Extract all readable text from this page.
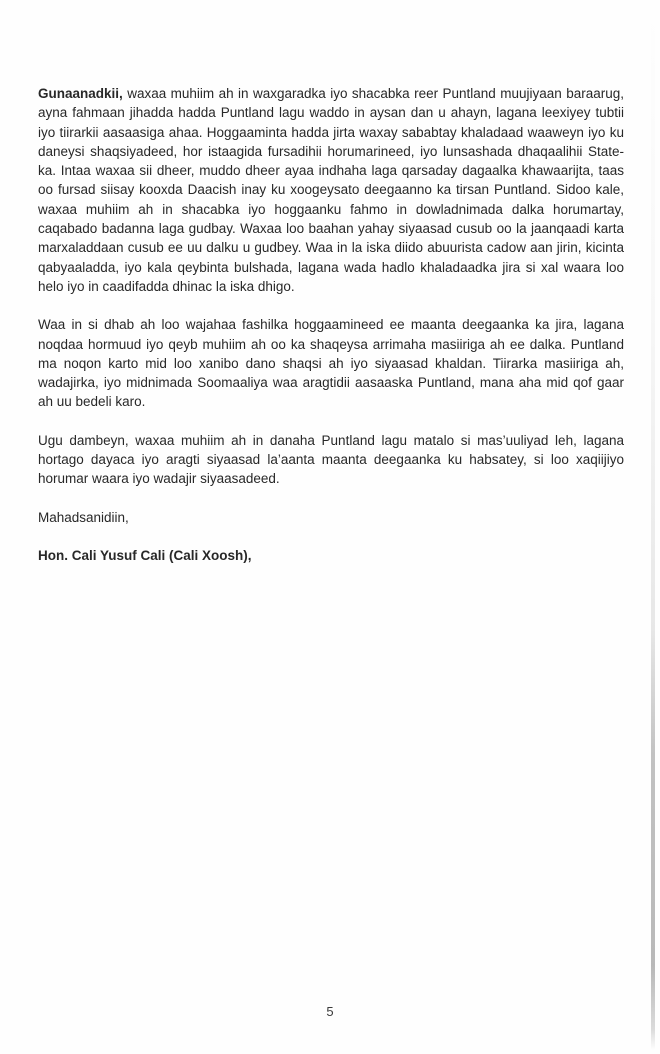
Gunaanadkii, waxaa muhiim ah in waxgaradka iyo shacabka reer Puntland muujiyaan baraarug, ayna fahmaan jihadda hadda Puntland lagu waddo in aysan dan u ahayn, lagana leexiyey tubtii iyo tiirarkii aasaasiga ahaa. Hoggaaminta hadda jirta waxay sababtay khaladaad waaweyn iyo ku daneysi shaqsiyadeed, hor istaagida fursadihii horumarineed, iyo lunsashada dhaqaalihii State-ka. Intaa waxaa sii dheer, muddo dheer ayaa indhaha laga qarsaday dagaalka khawaarijta, taas oo fursad siisay kooxda Daacish inay ku xoogeysato deegaanno ka tirsan Puntland. Sidoo kale, waxaa muhiim ah in shacabka iyo hoggaanku fahmo in dowladnimada dalka horumartay, caqabado badanna laga gudbay. Waxaa loo baahan yahay siyaasad cusub oo la jaanqaadi karta marxaladdaan cusub ee uu dalku u gudbey. Waa in la iska diido abuurista cadow aan jirin, kicinta qabyaaladda, iyo kala qeybinta bulshada, lagana wada hadlo khaladaadka jira si xal waara loo helo iyo in caadifadda dhinac la iska dhigo.

Waa in si dhab ah loo wajahaa fashilka hoggaamineed ee maanta deegaanka ka jira, lagana noqdaa hormuud iyo qeyb muhiim ah oo ka shaqeysa arrimaha masiiriga ah ee dalka. Puntland ma noqon karto mid loo xanibo dano shaqsi ah iyo siyaasad khaldan. Tiirarka masiiriga ah, wadajirka, iyo midnimada Soomaaliya waa aragtidii aasaaska Puntland, mana aha mid qof gaar ah uu bedeli karo.

Ugu dambeyn, waxaa muhiim ah in danaha Puntland lagu matalo si mas’uuliyad leh, lagana hortago dayaca iyo aragti siyaasad la’aanta maanta deegaanka ku habsatey, si loo xaqiijiyo horumar waara iyo wadajir siyaasadeed.

Mahadsanidiin,

Hon. Cali Yusuf Cali (Cali Xoosh),

5
